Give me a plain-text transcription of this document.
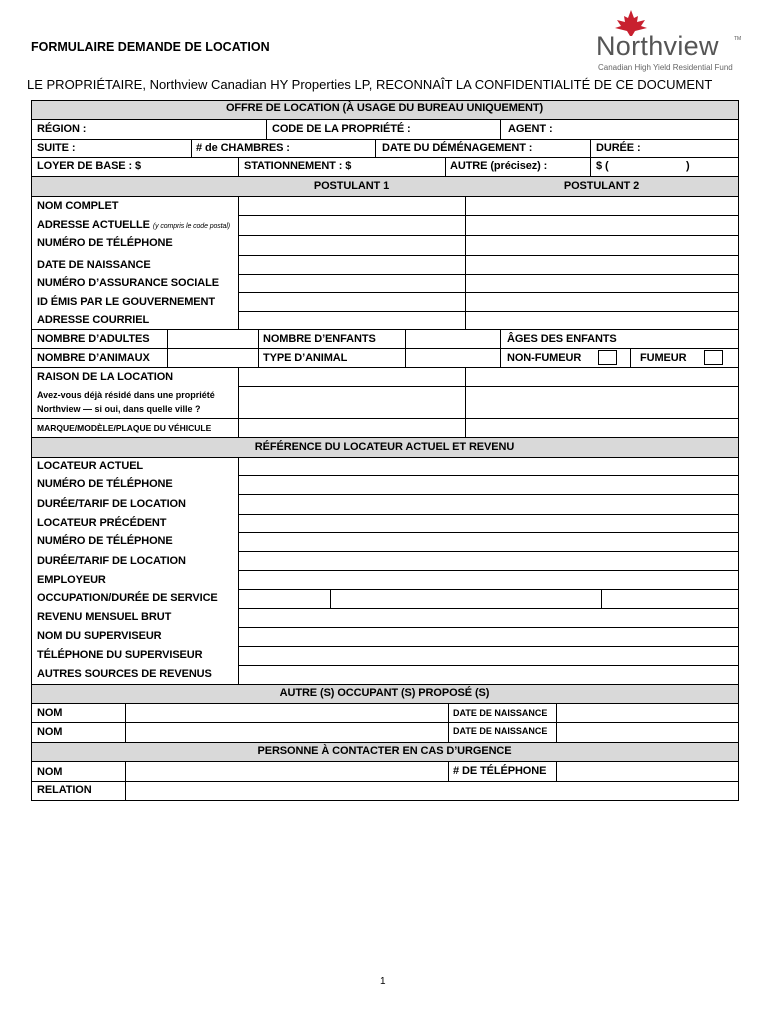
FORMULAIRE DEMANDE DE LOCATION
LE PROPRIÉTAIRE, Northview Canadian HY Properties LP, RECONNAÎT LA CONFIDENTIALITÉ DE CE DOCUMENT
Northview	TM
Canadian High Yield Residential Fund
OFFRE DE LOCATION (À USAGE DU BUREAU UNIQUEMENT)
RÉGION :	CODE DE LA PROPRIÉTÉ :	AGENT :
SUITE :	# de CHAMBRES :	DATE DU DÉMÉNAGEMENT :	DURÉE :
LOYER DE BASE : $	STATIONNEMENT : $	AUTRE (précisez) :	$ (	)
POSTULANT 1	POSTULANT 2
NOM COMPLET
ADRESSE ACTUELLE (y compris le code postal)
NUMÉRO DE TÉLÉPHONE
DATE DE NAISSANCE
NUMÉRO D’ASSURANCE SOCIALE
ID ÉMIS PAR LE GOUVERNEMENT
ADRESSE COURRIEL
NOMBRE D’ADULTES	NOMBRE D’ENFANTS	ÂGES DES ENFANTS
NOMBRE D’ANIMAUX	TYPE D’ANIMAL	NON-FUMEUR	FUMEUR
RAISON DE LA LOCATION
Avez-vous déjà résidé dans une propriété
Northview — si oui, dans quelle ville ?
MARQUE/MODÈLE/PLAQUE DU VÉHICULE
RÉFÉRENCE DU LOCATEUR ACTUEL ET REVENU
LOCATEUR ACTUEL
NUMÉRO DE TÉLÉPHONE
DURÉE/TARIF DE LOCATION
LOCATEUR PRÉCÉDENT
NUMÉRO DE TÉLÉPHONE
DURÉE/TARIF DE LOCATION
EMPLOYEUR
OCCUPATION/DURÉE DE SERVICE
REVENU MENSUEL BRUT
NOM DU SUPERVISEUR
TÉLÉPHONE DU SUPERVISEUR
AUTRES SOURCES DE REVENUS
AUTRE (S) OCCUPANT (S) PROPOSÉ (S)
NOM	DATE DE NAISSANCE
NOM	DATE DE NAISSANCE
PERSONNE À CONTACTER EN CAS D’URGENCE
NOM	# DE TÉLÉPHONE
RELATION
1
